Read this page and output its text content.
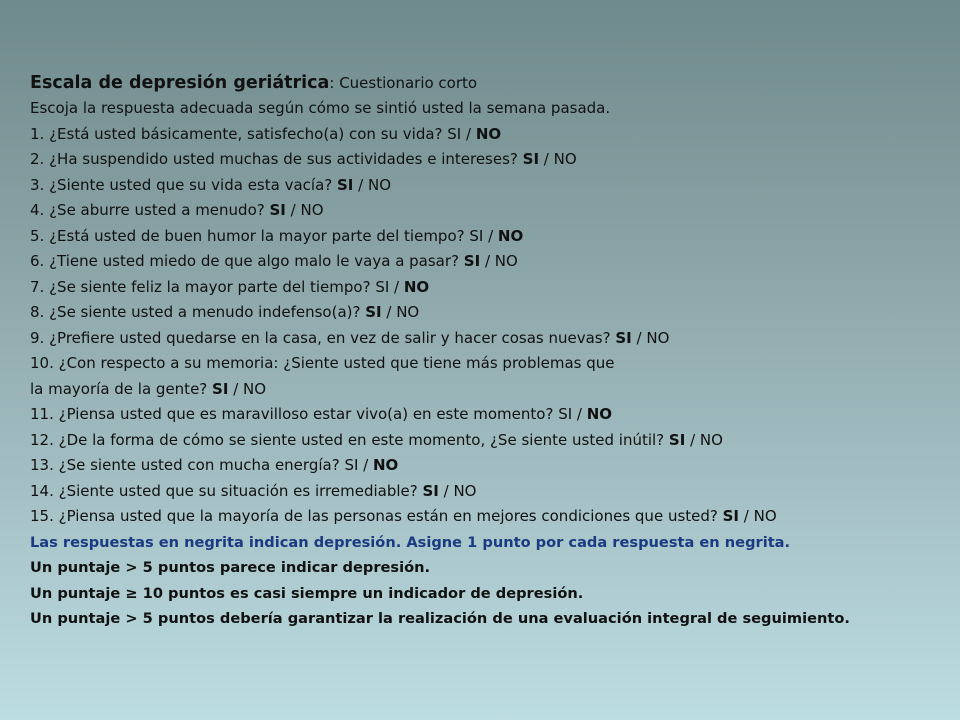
Escala de depresión geriátrica: Cuestionario corto

Escoja la respuesta adecuada según cómo se sintió usted la semana pasada.

1. ¿Está usted básicamente, satisfecho(a) con su vida? SI / NO

2. ¿Ha suspendido usted muchas de sus actividades e intereses? SI / NO

3. ¿Siente usted que su vida esta vacía? SI / NO

4. ¿Se aburre usted a menudo? SI / NO

5. ¿Está usted de buen humor la mayor parte del tiempo? SI / NO

6. ¿Tiene usted miedo de que algo malo le vaya a pasar? SI / NO

7. ¿Se siente feliz la mayor parte del tiempo? SI / NO

8. ¿Se siente usted a menudo indefenso(a)? SI / NO

9. ¿Prefiere usted quedarse en la casa, en vez de salir y hacer cosas nuevas? SI / NO

10. ¿Con respecto a su memoria: ¿Siente usted que tiene más problemas que

la mayoría de la gente? SI / NO

11. ¿Piensa usted que es maravilloso estar vivo(a) en este momento? SI / NO

12. ¿De la forma de cómo se siente usted en este momento, ¿Se siente usted inútil? SI / NO

13. ¿Se siente usted con mucha energía? SI / NO

14. ¿Siente usted que su situación es irremediable? SI / NO

15. ¿Piensa usted que la mayoría de las personas están en mejores condiciones que usted? SI / NO

Las respuestas en negrita indican depresión. Asigne 1 punto por cada respuesta en negrita.

Un puntaje > 5 puntos parece indicar depresión.

Un puntaje ≥ 10 puntos es casi siempre un indicador de depresión.

Un puntaje > 5 puntos debería garantizar la realización de una evaluación integral de seguimiento.
